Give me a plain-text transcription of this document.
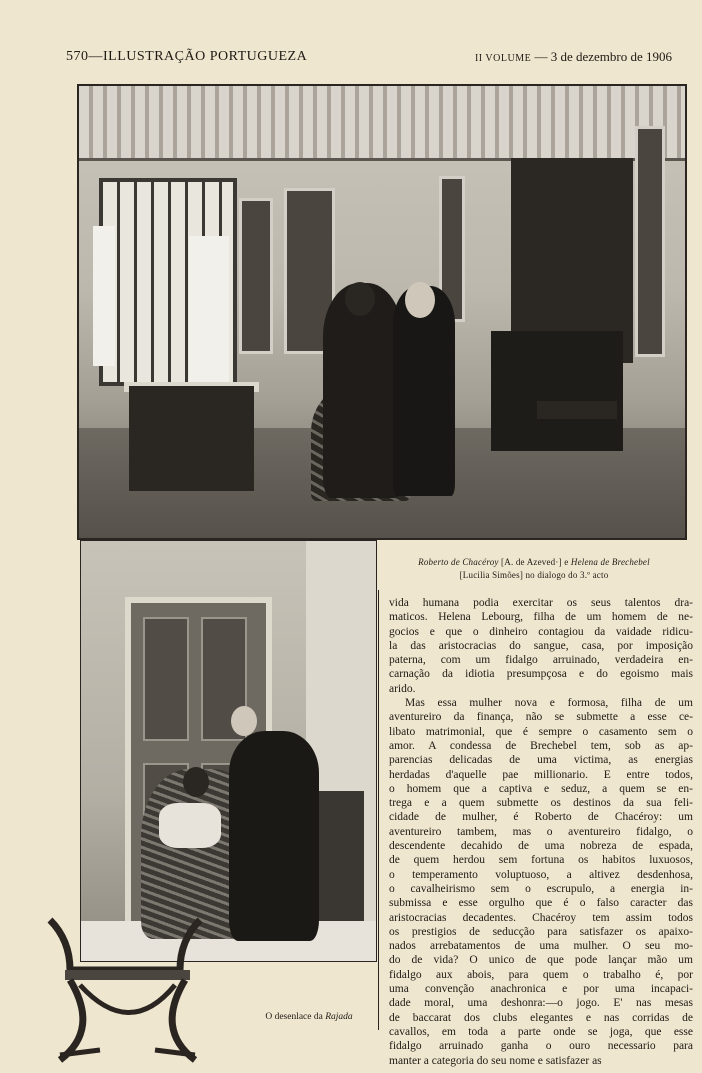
570—ILLUSTRAÇÃO PORTUGUEZA	II VOLUME — 3 de dezembro de 1906
Roberto de Chacéroy [A. de Azeved·] e Helena de Brechebel
[Lucilia Simões] no dialogo do 3.º acto
O desenlace da Rajada
vida humana podia exercitar os seus talentos dra-
maticos. Helena Lebourg, filha de um homem de ne-
gocios e que o dinheiro contagiou da vaidade ridicu-
la das aristocracias do sangue, casa, por imposição
paterna, com um fidalgo arruinado, verdadeira en-
carnação da idiotia presumpçosa e do egoismo mais
arido.
Mas essa mulher nova e formosa, filha de um
aventureiro da finança, não se submette a esse ce-
libato matrimonial, que é sempre o casamento sem o
amor. A condessa de Brechebel tem, sob as ap-
parencias delicadas de uma victima, as energias
herdadas d'aquelle pae millionario. E entre todos,
o homem que a captiva e seduz, a quem se en-
trega e a quem submette os destinos da sua feli-
cidade de mulher, é Roberto de Chacéroy: um
aventureiro tambem, mas o aventureiro fidalgo, o
descendente decahido de uma nobreza de espada,
de quem herdou sem fortuna os habitos luxuosos,
o temperamento voluptuoso, a altivez desdenhosa,
o cavalheirismo sem o escrupulo, a energia in-
submissa e esse orgulho que é o falso caracter das
aristocracias decadentes. Chacéroy tem assim todos
os prestigios de seducção para satisfazer os apaixo-
nados arrebatamentos de uma mulher. O seu mo-
do de vida? O unico de que pode lançar mão um
fidalgo aux abois, para quem o trabalho é, por
uma convenção anachronica e por uma incapaci-
dade moral, uma deshonra:—o jogo. E' nas mesas
de baccarat dos clubs elegantes e nas corridas de
cavallos, em toda a parte onde se joga, que esse
fidalgo arruinado ganha o ouro necessario para
manter a categoria do seu nome e satisfazer as
